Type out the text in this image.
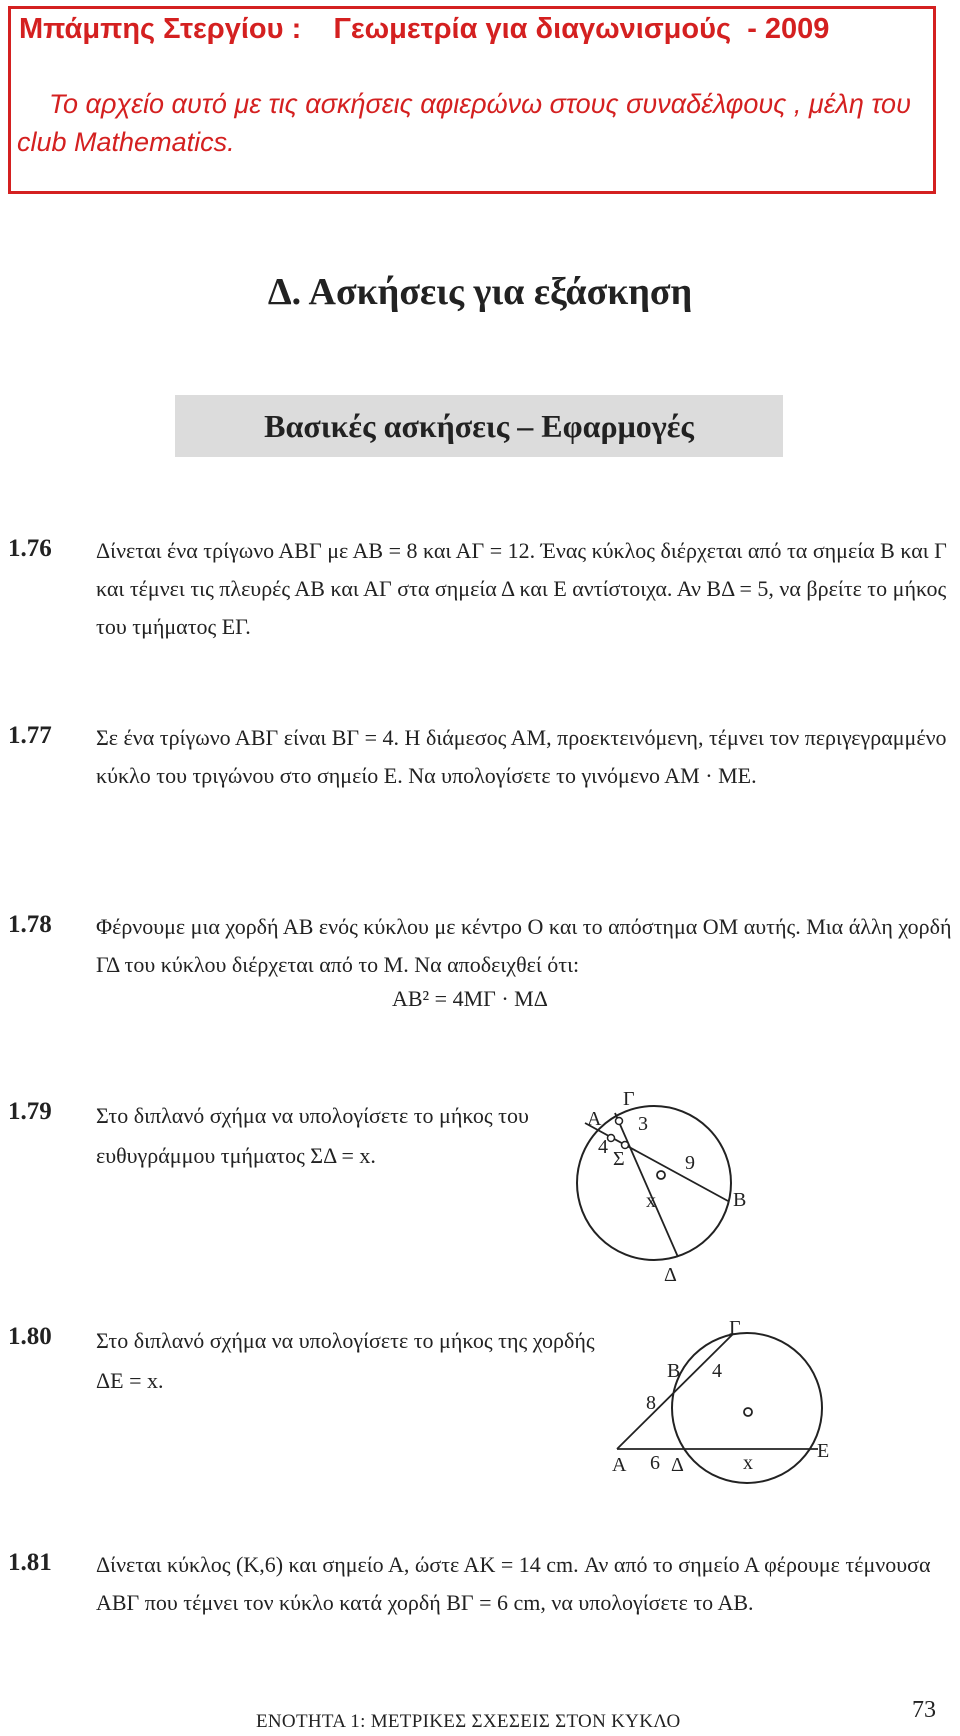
Μπάμπης Στεργίου :    Γεωμετρία για διαγωνισμούς  - 2009
Το αρχείο αυτό με τις ασκήσεις αφιερώνω στους συναδέλφους , μέλη του club Mathematics.
Δ. Ασκήσεις για εξάσκηση
Βασικές ασκήσεις – Εφαρμογές
1.76 Δίνεται ένα τρίγωνο ΑΒΓ με ΑΒ = 8 και ΑΓ = 12. Ένας κύκλος διέρχεται από τα σημεία Β και Γ και τέμνει τις πλευρές ΑΒ και ΑΓ στα σημεία Δ και Ε αντίστοιχα. Αν ΒΔ = 5, να βρείτε το μήκος του τμήματος ΕΓ.
1.77 Σε ένα τρίγωνο ΑΒΓ είναι ΒΓ = 4. Η διάμεσος ΑΜ, προεκτεινόμενη, τέμνει τον περιγεγραμμένο κύκλο του τριγώνου στο σημείο Ε. Να υπολογίσετε το γινόμενο ΑΜ · ΜΕ.
1.78 Φέρνουμε μια χορδή ΑΒ ενός κύκλου με κέντρο Ο και το απόστημα ΟΜ αυτής. Μια άλλη χορδή ΓΔ του κύκλου διέρχεται από το Μ. Να αποδειχθεί ότι:
ΑΒ² = 4ΜΓ · ΜΔ
1.79 Στο διπλανό σχήμα να υπολογίσετε το μήκος του ευθυγράμμου τμήματος ΣΔ = x.
Γ
Α 3
4
Σ	9
x	Β
Δ
1.80 Στο διπλανό σχήμα να υπολογίσετε το μήκος της χορδής ΔΕ = x.
Γ
Β 4
8
Α 6 Δ	x
Ε
1.81 Δίνεται κύκλος (Κ,6) και σημείο Α, ώστε ΑΚ = 14 cm. Αν από το σημείο Α φέρουμε τέμνουσα ΑΒΓ που τέμνει τον κύκλο κατά χορδή ΒΓ = 6 cm, να υπολογίσετε το ΑΒ.
ΕΝΟΤΗΤΑ 1: ΜΕΤΡΙΚΕΣ ΣΧΕΣΕΙΣ ΣΤΟΝ ΚΥΚΛΟ	73
